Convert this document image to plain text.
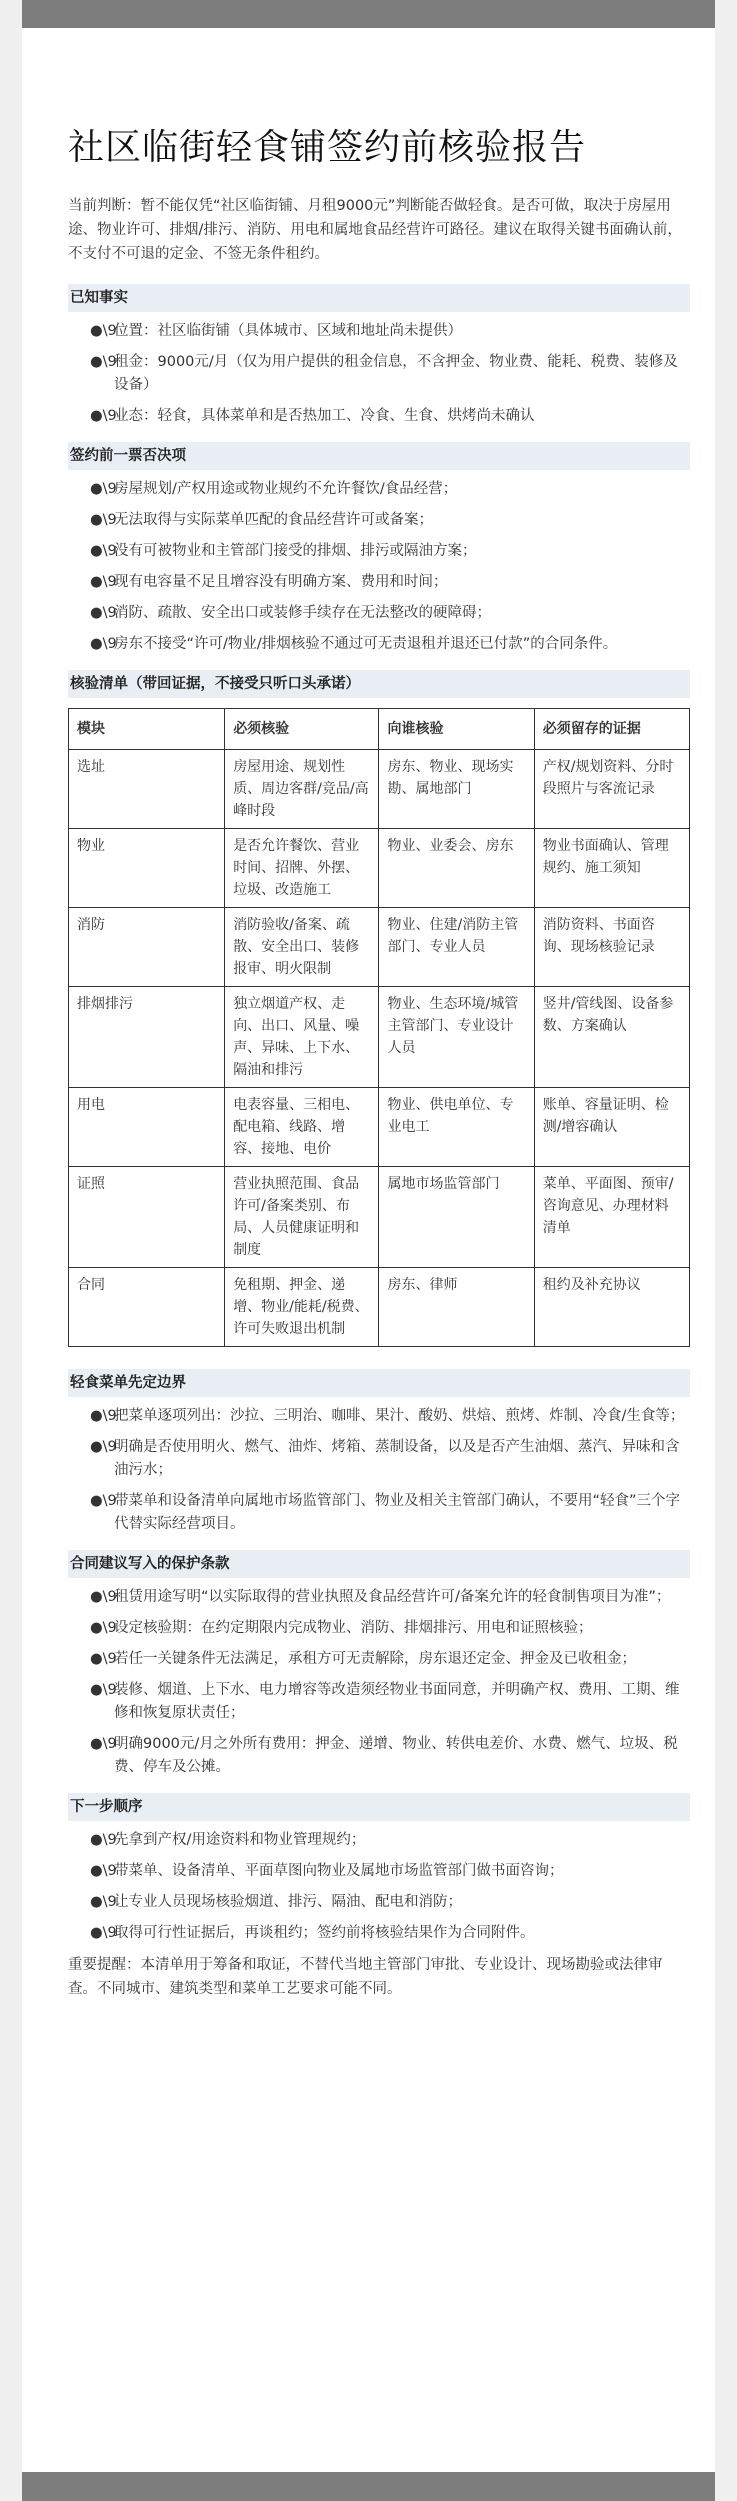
社区临街轻食铺签约前核验报告

当前判断：暂不能仅凭“社区临街铺、月租9000元”判断能否做轻食。是否可做，取决于房屋用途、物业许可、排烟/排污、消防、用电和属地食品经营许可路径。建议在取得关键书面确认前，不支付不可退的定金、不签无条件租约。

已知事实
●\9
位置：社区临街铺（具体城市、区域和地址尚未提供）
●\9
租金：9000元/月（仅为用户提供的租金信息，不含押金、物业费、能耗、税费、装修及设备）
●\9
业态：轻食，具体菜单和是否热加工、冷食、生食、烘烤尚未确认
签约前一票否决项
●\9
房屋规划/产权用途或物业规约不允许餐饮/食品经营；
●\9
无法取得与实际菜单匹配的食品经营许可或备案；
●\9
没有可被物业和主管部门接受的排烟、排污或隔油方案；
●\9
现有电容量不足且增容没有明确方案、费用和时间；
●\9
消防、疏散、安全出口或装修手续存在无法整改的硬障碍；
●\9
房东不接受“许可/物业/排烟核验不通过可无责退租并退还已付款”的合同条件。
核验清单（带回证据，不接受只听口头承诺）
模块	必须核验	向谁核验	必须留存的证据
选址	房屋用途、规划性质、周边客群/竞品/高峰时段	房东、物业、现场实勘、属地部门	产权/规划资料、分时段照片与客流记录
物业	是否允许餐饮、营业时间、招牌、外摆、垃圾、改造施工	物业、业委会、房东	物业书面确认、管理规约、施工须知
消防	消防验收/备案、疏散、安全出口、装修报审、明火限制	物业、住建/消防主管部门、专业人员	消防资料、书面咨询、现场核验记录
排烟排污	独立烟道产权、走向、出口、风量、噪声、异味、上下水、隔油和排污	物业、生态环境/城管主管部门、专业设计人员	竖井/管线图、设备参数、方案确认
用电	电表容量、三相电、配电箱、线路、增容、接地、电价	物业、供电单位、专业电工	账单、容量证明、检测/增容确认
证照	营业执照范围、食品许可/备案类别、布局、人员健康证明和制度	属地市场监管部门	菜单、平面图、预审/咨询意见、办理材料清单
合同	免租期、押金、递增、物业/能耗/税费、许可失败退出机制	房东、律师	租约及补充协议
轻食菜单先定边界
●\9
把菜单逐项列出：沙拉、三明治、咖啡、果汁、酸奶、烘焙、煎烤、炸制、冷食/生食等；
●\9
明确是否使用明火、燃气、油炸、烤箱、蒸制设备，以及是否产生油烟、蒸汽、异味和含油污水；
●\9
带菜单和设备清单向属地市场监管部门、物业及相关主管部门确认，不要用“轻食”三个字代替实际经营项目。
合同建议写入的保护条款
●\9
租赁用途写明“以实际取得的营业执照及食品经营许可/备案允许的轻食制售项目为准”；
●\9
设定核验期：在约定期限内完成物业、消防、排烟排污、用电和证照核验；
●\9
若任一关键条件无法满足，承租方可无责解除，房东退还定金、押金及已收租金；
●\9
装修、烟道、上下水、电力增容等改造须经物业书面同意，并明确产权、费用、工期、维修和恢复原状责任；
●\9
明确9000元/月之外所有费用：押金、递增、物业、转供电差价、水费、燃气、垃圾、税费、停车及公摊。
下一步顺序
●\9
先拿到产权/用途资料和物业管理规约；
●\9
带菜单、设备清单、平面草图向物业及属地市场监管部门做书面咨询；
●\9
让专业人员现场核验烟道、排污、隔油、配电和消防；
●\9
取得可行性证据后，再谈租约；签约前将核验结果作为合同附件。

重要提醒：本清单用于筹备和取证，不替代当地主管部门审批、专业设计、现场勘验或法律审查。不同城市、建筑类型和菜单工艺要求可能不同。
